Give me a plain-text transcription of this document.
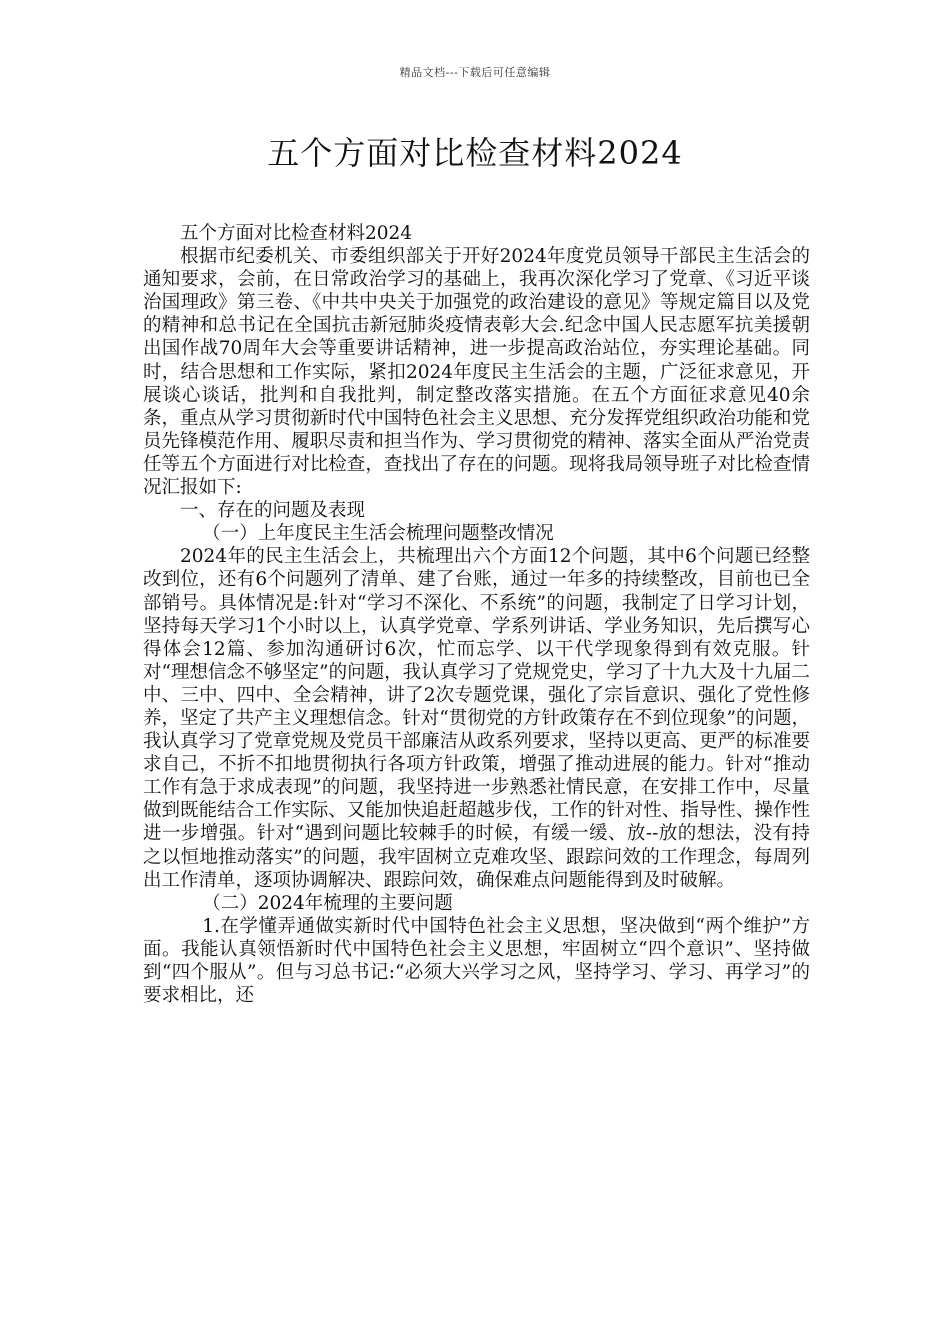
精品文档---下载后可任意编辑
五个方面对比检查材料2024

五个方面对比检查材料2024

根据市纪委机关、市委组织部关于开好2024年度党员领导干部民主生活会的通知要求，会前，在日常政治学习的基础上，我再次深化学习了党章、《习近平谈治国理政》第三卷、《中共中央关于加强党的政治建设的意见》等规定篇目以及党的精神和总书记在全国抗击新冠肺炎疫情表彰大会.纪念中国人民志愿军抗美援朝出国作战70周年大会等重要讲话精神，进一步提高政治站位，夯实理论基础。同时，结合思想和工作实际，紧扣2024年度民主生活会的主题，广泛征求意见，开展谈心谈话，批判和自我批判，制定整改落实措施。在五个方面征求意见40余条，重点从学习贯彻新时代中国特色社会主义思想、充分发挥党组织政治功能和党员先锋模范作用、履职尽责和担当作为、学习贯彻党的精神、落实全面从严治党责任等五个方面进行对比检查，查找出了存在的问题。现将我局领导班子对比检查情况汇报如下:

一、存在的问题及表现

（一）上年度民主生活会梳理问题整改情况

2024年的民主生活会上，共梳理出六个方面12个问题，其中6个问题已经整改到位，还有6个问题列了清单、建了台账，通过一年多的持续整改，目前也已全部销号。具体情况是:针对“学习不深化、不系统”的问题，我制定了日学习计划，坚持每天学习1个小时以上，认真学党章、学系列讲话、学业务知识，先后撰写心得体会12篇、参加沟通研讨6次，忙而忘学、以干代学现象得到有效克服。针对“理想信念不够坚定”的问题，我认真学习了党规党史，学习了十九大及十九届二中、三中、四中、全会精神，讲了2次专题党课，强化了宗旨意识、强化了党性修养，坚定了共产主义理想信念。针对“贯彻党的方针政策存在不到位现象”的问题，我认真学习了党章党规及党员干部廉洁从政系列要求，坚持以更高、更严的标准要求自己，不折不扣地贯彻执行各项方针政策，增强了推动进展的能力。针对“推动工作有急于求成表现”的问题，我坚持进一步熟悉社情民意，在安排工作中，尽量做到既能结合工作实际、又能加快追赶超越步伐，工作的针对性、指导性、操作性进一步增强。针对“遇到问题比较棘手的时候，有缓一缓、放--放的想法，没有持之以恒地推动落实”的问题，我牢固树立克难攻坚、跟踪问效的工作理念，每周列出工作清单，逐项协调解决、跟踪问效，确保难点问题能得到及时破解。

（二）2024年梳理的主要问题

1.在学懂弄通做实新时代中国特色社会主义思想，坚决做到“两个维护”方面。我能认真领悟新时代中国特色社会主义思想，牢固树立“四个意识”、坚持做到“四个服从”。但与习总书记:“必须大兴学习之风，坚持学习、学习、再学习”的要求相比，还
